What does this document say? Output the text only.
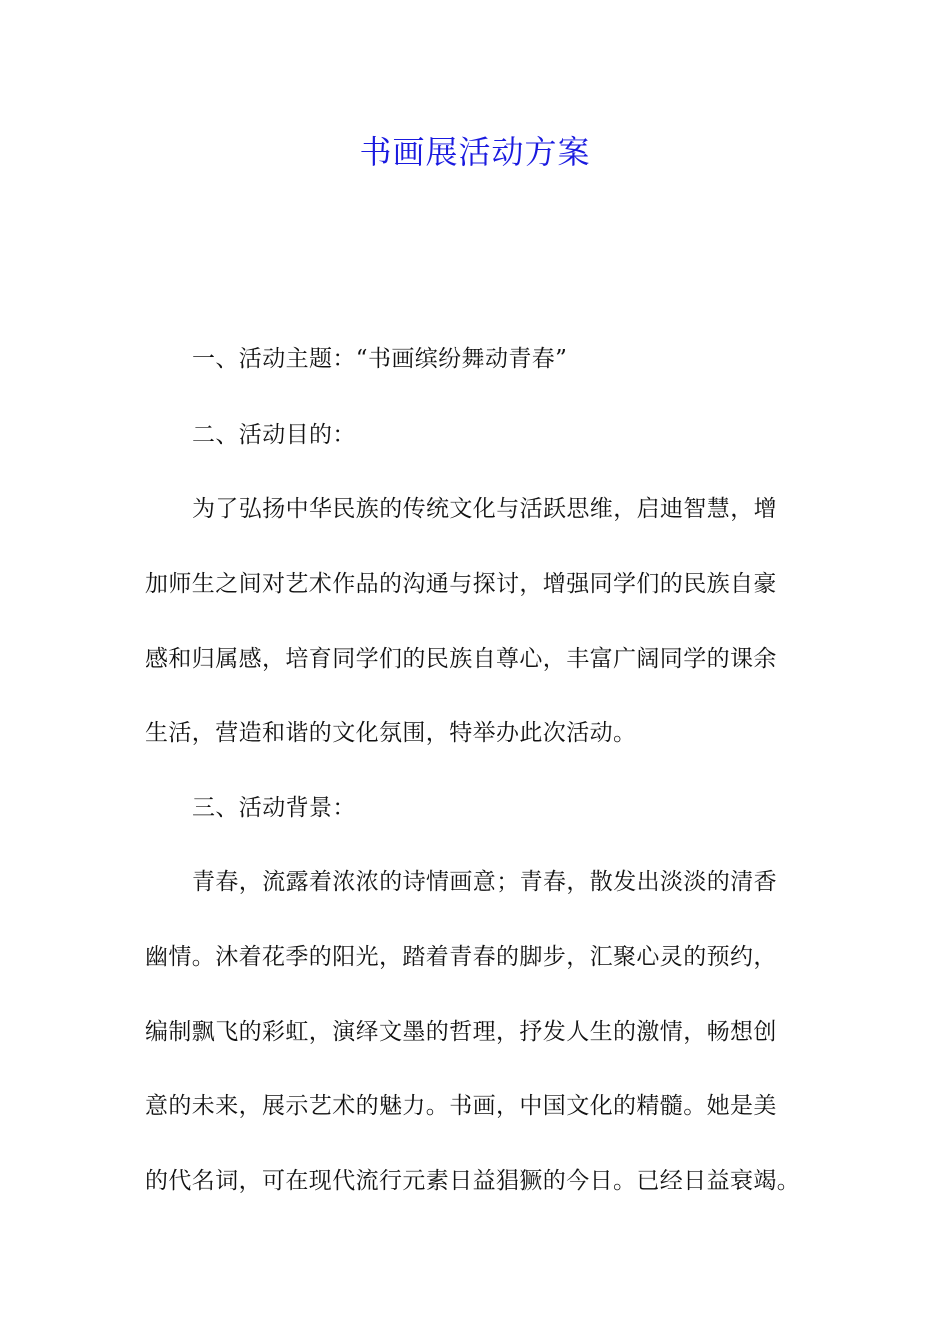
书画展活动方案
一、活动主题：“书画缤纷舞动青春”
二、活动目的：
为了弘扬中华民族的传统文化与活跃思维，启迪智慧，增
加师生之间对艺术作品的沟通与探讨，增强同学们的民族自豪
感和归属感，培育同学们的民族自尊心，丰富广阔同学的课余
生活，营造和谐的文化氛围，特举办此次活动。
三、活动背景：
青春，流露着浓浓的诗情画意；青春，散发出淡淡的清香
幽情。沐着花季的阳光，踏着青春的脚步，汇聚心灵的预约，
编制飘飞的彩虹，演绎文墨的哲理，抒发人生的激情，畅想创
意的未来，展示艺术的魅力。书画，中国文化的精髓。她是美
的代名词，可在现代流行元素日益猖獗的今日。已经日益衰竭。
